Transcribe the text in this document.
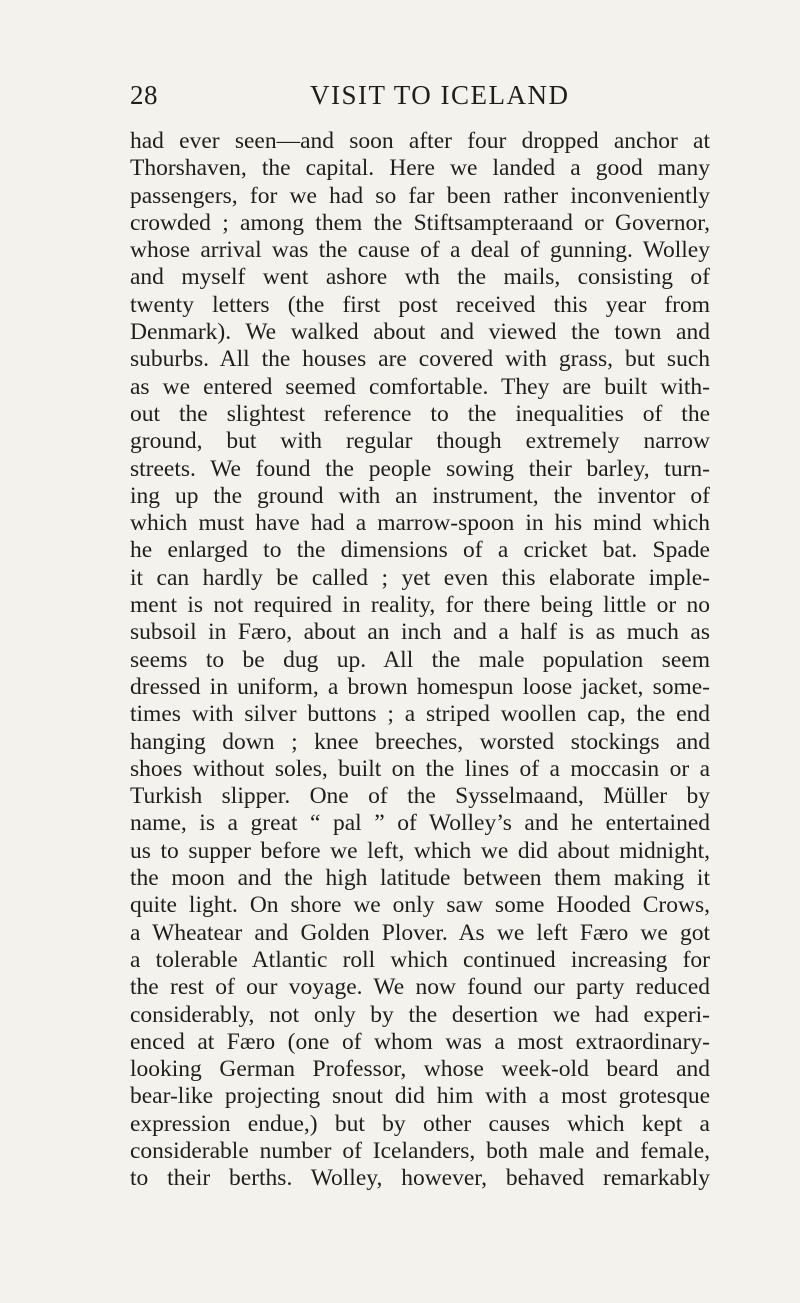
28	VISIT TO ICELAND
had ever seen—and soon after four dropped anchor at
Thorshaven, the capital. Here we landed a good many
passengers, for we had so far been rather inconveniently
crowded ; among them the Stiftsampteraand or Governor,
whose arrival was the cause of a deal of gunning. Wolley
and myself went ashore wth the mails, consisting of
twenty letters (the first post received this year from
Denmark). We walked about and viewed the town and
suburbs. All the houses are covered with grass, but such
as we entered seemed comfortable. They are built with-
out the slightest reference to the inequalities of the
ground, but with regular though extremely narrow
streets. We found the people sowing their barley, turn-
ing up the ground with an instrument, the inventor of
which must have had a marrow-spoon in his mind which
he enlarged to the dimensions of a cricket bat. Spade
it can hardly be called ; yet even this elaborate imple-
ment is not required in reality, for there being little or no
subsoil in Færo, about an inch and a half is as much as
seems to be dug up. All the male population seem
dressed in uniform, a brown homespun loose jacket, some-
times with silver buttons ; a striped woollen cap, the end
hanging down ; knee breeches, worsted stockings and
shoes without soles, built on the lines of a moccasin or a
Turkish slipper. One of the Sysselmaand, Müller by
name, is a great “ pal ” of Wolley’s and he entertained
us to supper before we left, which we did about midnight,
the moon and the high latitude between them making it
quite light. On shore we only saw some Hooded Crows,
a Wheatear and Golden Plover. As we left Færo we got
a tolerable Atlantic roll which continued increasing for
the rest of our voyage. We now found our party reduced
considerably, not only by the desertion we had experi-
enced at Færo (one of whom was a most extraordinary-
looking German Professor, whose week-old beard and
bear-like projecting snout did him with a most grotesque
expression endue,) but by other causes which kept a
considerable number of Icelanders, both male and female,
to their berths. Wolley, however, behaved remarkably
